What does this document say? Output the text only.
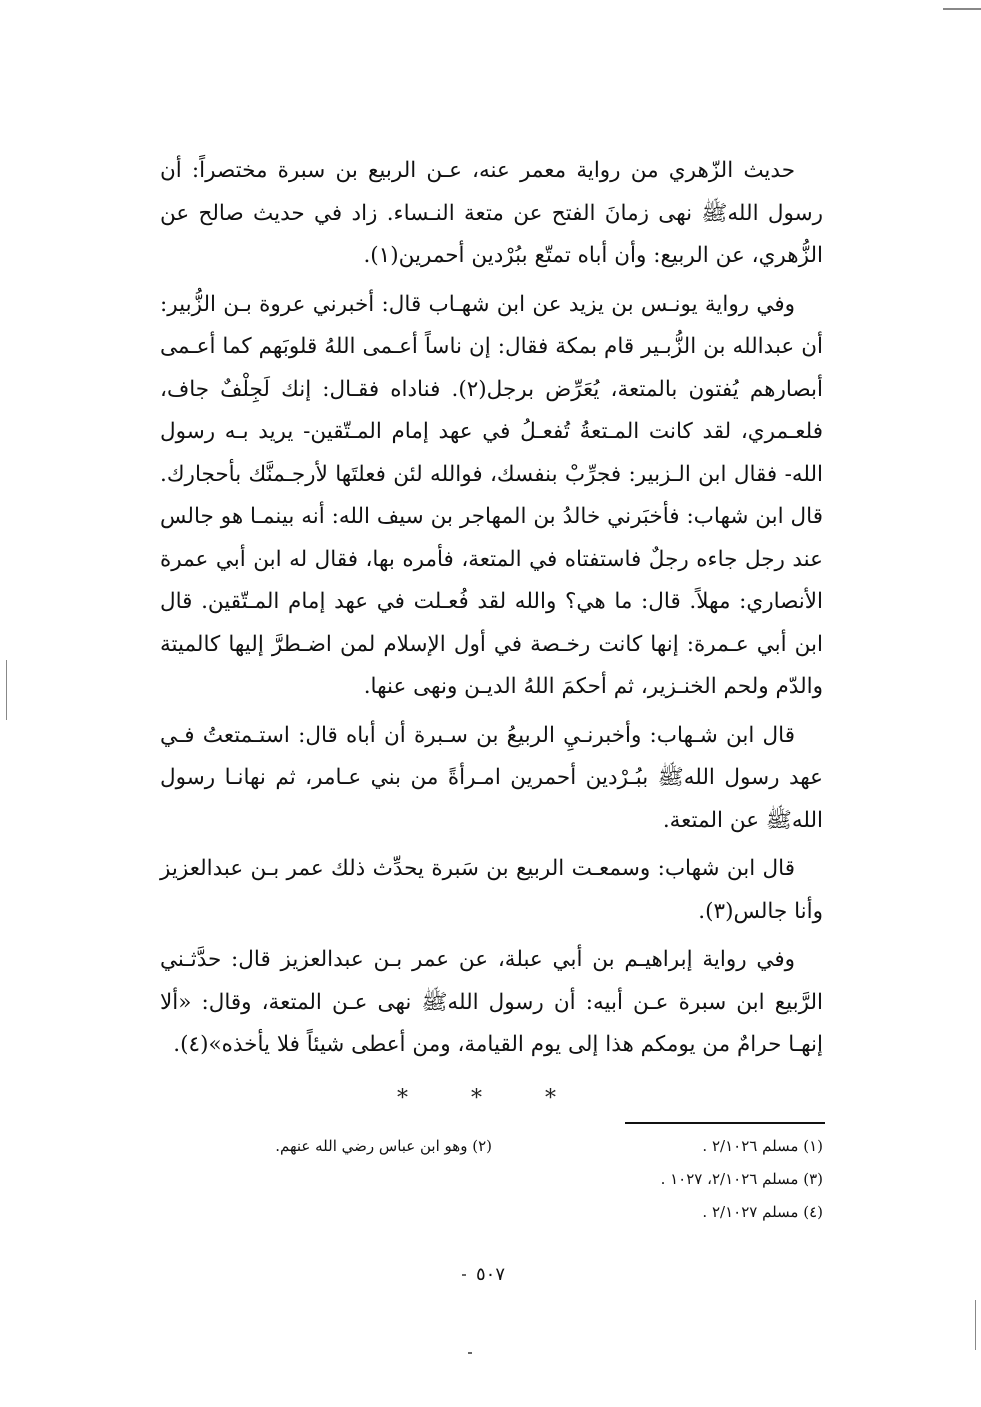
حديث الزّهري من رواية معمر عنه، عـن الربيع بن سبرة مختصراً: أن رسول اللهﷺ نهى زمانَ الفتح عن متعة النـساء. زاد في حديث صالح عن الزُّهري، عن الربيع: وأن أباه تمتّع ببُرْدين أحمرين(١).

وفي رواية يونـس بن يزيد عن ابن شهـاب قال: أخبرني عروة بـن الزُّبير: أن عبدالله بن الزُّبـير قام بمكة فقال: إن ناساً أعـمى اللهُ قلوبَهم كما أعـمى أبصارهم يُفتون بالمتعة، يُعَرِّض برجل(٢). فناداه فقـال: إنك لَجِلْفٌ جاف، فلعـمري، لقد كانت المـتعةُ تُفعـلُ في عهد إمام المـتّقين- يريد بـه رسول الله- فقال ابن الـزبير: فجرِّبْ بنفسك، فوالله لئن فعلتَها لأرجـمنَّك بأحجارك. قال ابن شهاب: فأخبَرني خالدُ بن المهاجر بن سيف الله: أنه بينمـا هو جالس عند رجل جاءه رجلٌ فاستفتاه في المتعة، فأمره بها، فقال له ابن أبي عمرة الأنصاري: مهلاً. قال: ما هي؟ والله لقد فُعـلت في عهد إمام المـتّقين. قال ابن أبي عـمرة: إنها كانت رخـصة في أول الإسلام لمن اضـطرَّ إليها كالميتة والدّم ولحم الخنـزير، ثم أحكمَ اللهُ الديـن ونهى عنها.

قال ابن شـهاب: وأخبرنـيِ الربيعُ بن سـبرة أن أباه قال: استـمتعتُ فـي عهد رسول اللهﷺ ببُـرْدين أحمرين امـرأةً من بني عـامر، ثم نهانـا رسول اللهﷺ عن المتعة.

قال ابن شهاب: وسمعـت الربيع بن سَبرة يحدِّث ذلك عمر بـن عبدالعزيز وأنا جالس(٣).

وفي رواية إبراهيـم بن أبي عبلة، عن عمر بـن عبدالعزيز قال: حدَّثـني الرَّبيع ابن سبرة عـن أبيه: أن رسول اللهﷺ نهى عـن المتعة، وقال: «ألا إنهـا حرامٌ من يومكم هذا إلى يوم القيامة، ومن أعطى شيئاً فلا يأخذه»(٤).

* * *
(١) مسلم ٢/١٠٢٦ .
(٢) وهو ابن عباس رضي الله عنهم.
(٣) مسلم ٢/١٠٢٦، ١٠٢٧ .
(٤) مسلم ٢/١٠٢٧ .
٥٠٧
